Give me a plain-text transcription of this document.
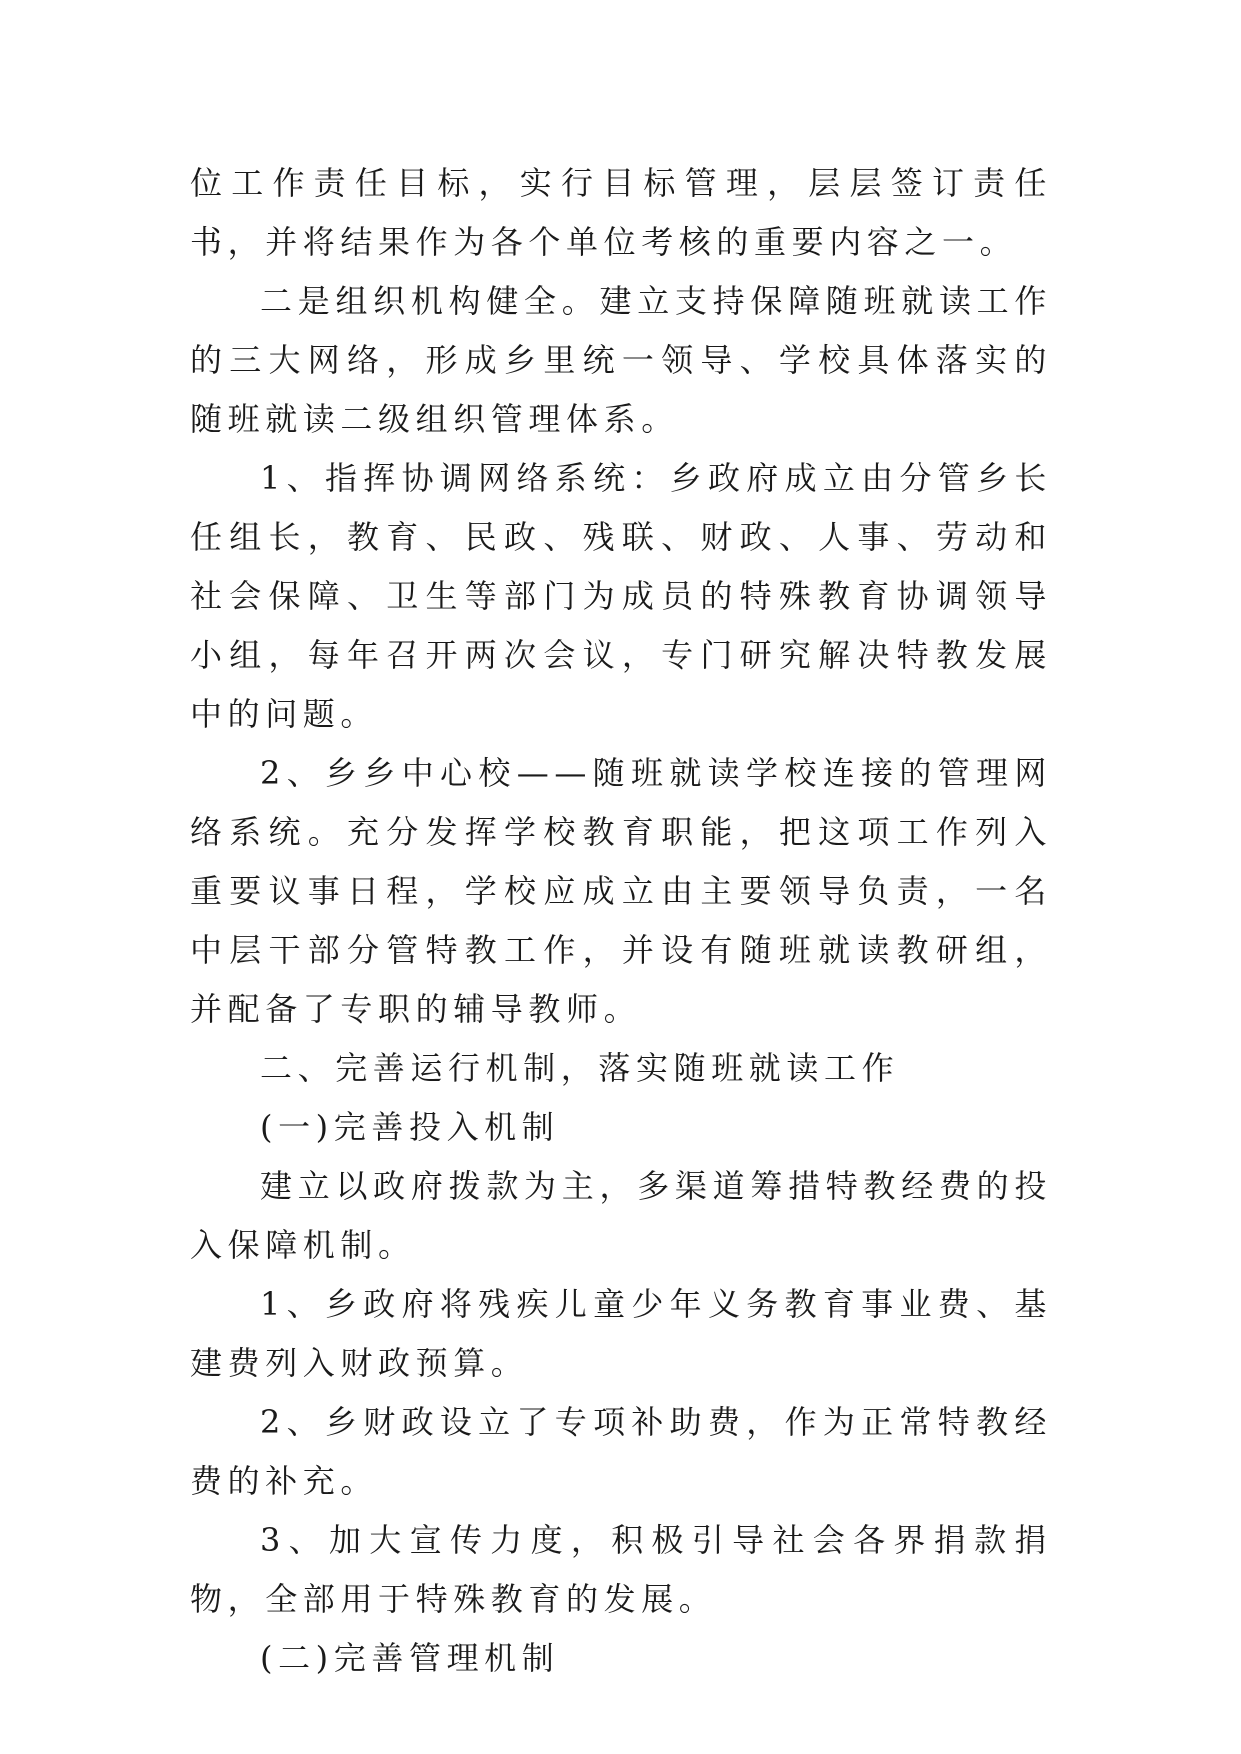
位工作责任目标，实行目标管理，层层签订责任书，并将结果作为各个单位考核的重要内容之一。

二是组织机构健全。建立支持保障随班就读工作的三大网络，形成乡里统一领导、学校具体落实的随班就读二级组织管理体系。

1、指挥协调网络系统：乡政府成立由分管乡长任组长，教育、民政、残联、财政、人事、劳动和社会保障、卫生等部门为成员的特殊教育协调领导小组，每年召开两次会议，专门研究解决特教发展中的问题。

2、乡乡中心校——随班就读学校连接的管理网络系统。充分发挥学校教育职能，把这项工作列入重要议事日程，学校应成立由主要领导负责，一名中层干部分管特教工作，并设有随班就读教研组，并配备了专职的辅导教师。

二、完善运行机制，落实随班就读工作

(一)完善投入机制

建立以政府拨款为主，多渠道筹措特教经费的投入保障机制。

1、乡政府将残疾儿童少年义务教育事业费、基建费列入财政预算。

2、乡财政设立了专项补助费，作为正常特教经费的补充。

3、加大宣传力度，积极引导社会各界捐款捐物，全部用于特殊教育的发展。

(二)完善管理机制
